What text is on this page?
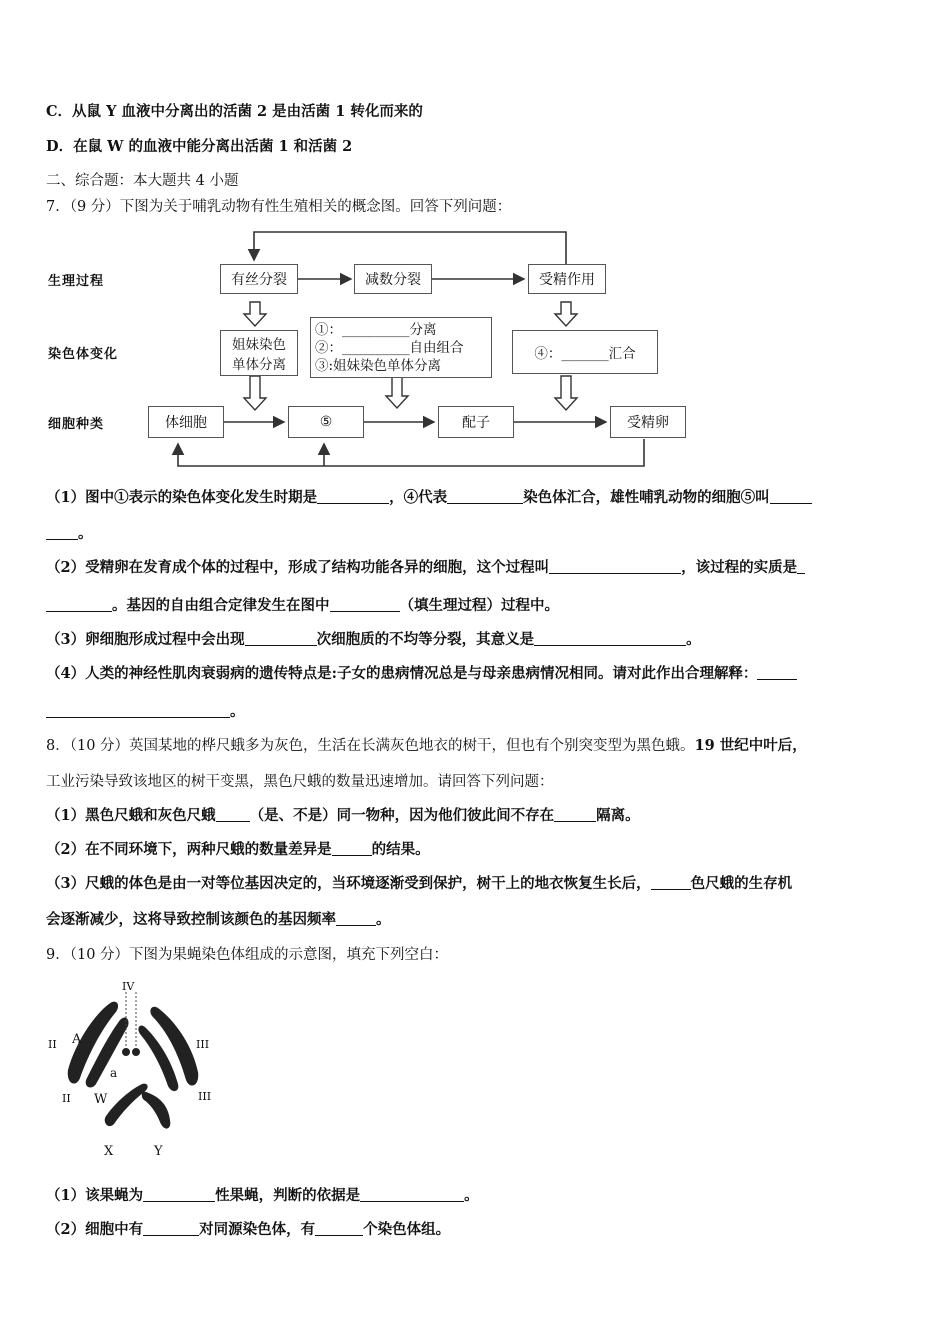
C．从鼠 Y 血液中分离出的活菌 2 是由活菌 1 转化而来的
D．在鼠 W 的血液中能分离出活菌 1 和活菌 2
二、综合题：本大题共 4 小题
7．（9 分）下图为关于哺乳动物有性生殖相关的概念图。回答下列问题：
生理过程
染色体变化
细胞种类
有丝分裂	减数分裂	受精作用
姐妹染色
单体分离
①：__________分离
②：__________自由组合
③:姐妹染色单体分离
④：_______汇合
体细胞	⑤	配子	受精卵
（1）图中①表示的染色体变化发生时期是	，④代表	染色体汇合，雄性哺乳动物的细胞⑤叫
。
（2）受精卵在发育成个体的过程中，形成了结构功能各异的细胞，这个过程叫	，该过程的实质是
。基因的自由组合定律发生在图中	（填生理过程）过程中。
（3）卵细胞形成过程中会出现	次细胞质的不均等分裂，其意义是	。
（4）人类的神经性肌肉衰弱病的遗传特点是:子女的患病情况总是与母亲患病情况相同。请对此作出合理解释：
。
8．（10 分）英国某地的桦尺蛾多为灰色，生活在长满灰色地衣的树干，但也有个别突变型为黑色蛾。19 世纪中叶后，
工业污染导致该地区的树干变黑，黑色尺蛾的数量迅速增加。请回答下列问题：
（1）黑色尺蛾和灰色尺蛾 （是、不是）同一物种，因为他们彼此间不存在	隔离。
（2）在不同环境下，两种尺蛾的数量差异是	的结果。
（3）尺蛾的体色是由一对等位基因决定的，当环境逐渐受到保护，树干上的地衣恢复生长后，	色尺蛾的生存机
会逐渐减少，这将导致控制该颜色的基因频率	。
9．（10 分）下图为果蝇染色体组成的示意图，填充下列空白：
IV
II	III
A
a
II	III
W
X	Y
（1）该果蝇为	性果蝇，判断的依据是	。
（2）细胞中有	对同源染色体，有	个染色体组。
